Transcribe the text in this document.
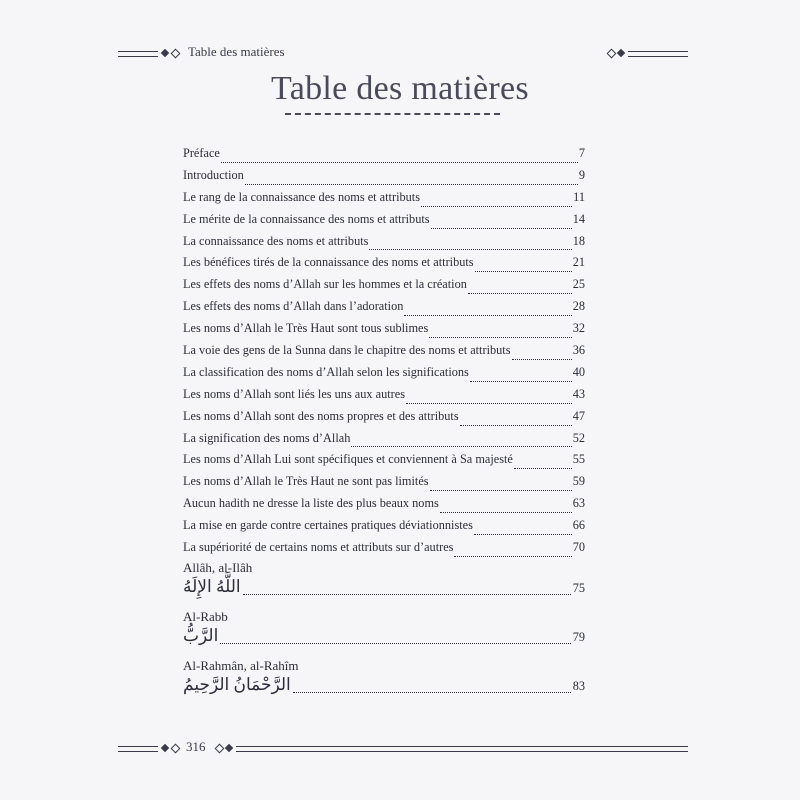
Table des matières
Table des matières
Préface	7
Introduction	9
Le rang de la connaissance des noms et attributs	11
Le mérite de la connaissance des noms et attributs	14
La connaissance des noms et attributs	18
Les bénéfices tirés de la connaissance des noms et attributs	21
Les effets des noms d’Allah sur les hommes et la création	25
Les effets des noms d’Allah dans l’adoration	28
Les noms d’Allah le Très Haut sont tous sublimes	32
La voie des gens de la Sunna dans le chapitre des noms et attributs	36
La classification des noms d’Allah selon les significations	40
Les noms d’Allah sont liés les uns aux autres	43
Les noms d’Allah sont des noms propres et des attributs	47
La signification des noms d’Allah	52
Les noms d’Allah Lui sont spécifiques et conviennent à Sa majesté	55
Les noms d’Allah le Très Haut ne sont pas limités	59
Aucun hadith ne dresse la liste des plus beaux noms	63
La mise en garde contre certaines pratiques déviationnistes	66
La supériorité de certains noms et attributs sur d’autres	70
Allâh, al-Ilâh
اللَّهُ الإِلَهُ	75
Al-Rabb
الرَّبُّ	79
Al-Rahmân, al-Rahîm
الرَّحْمَانُ الرَّحِيمُ	83
316
